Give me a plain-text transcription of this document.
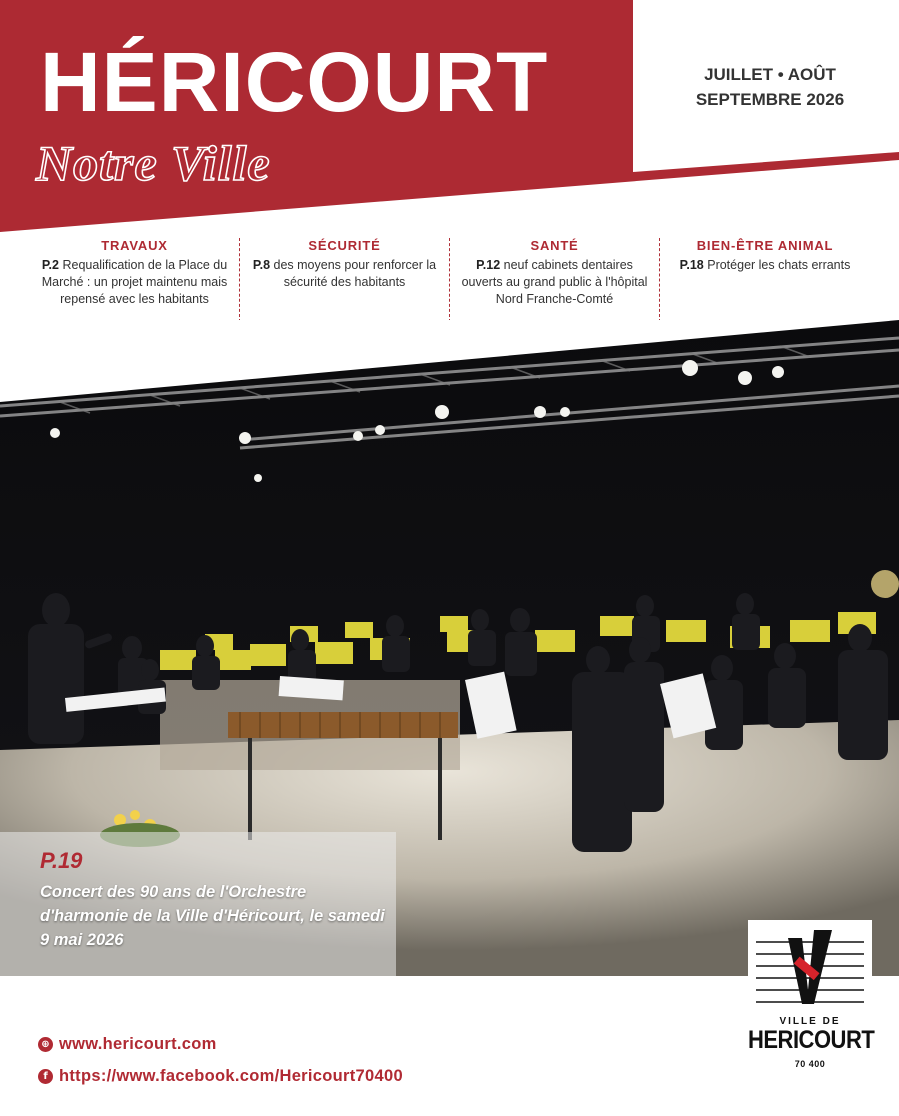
HÉRICOURT
Notre Ville
JUILLET • AOÛT
SEPTEMBRE 2026
TRAVAUX
P.2 Requalification de la Place du Marché : un projet maintenu mais repensé avec les habitants
SÉCURITÉ
P.8 des moyens pour renforcer la sécurité des habitants
SANTÉ
P.12 neuf cabinets dentaires ouverts au grand public à l'hôpital Nord Franche-Comté
BIEN-ÊTRE ANIMAL
P.18 Protéger les chats errants
P.19
Concert des 90 ans de l'Orchestre d'harmonie de la Ville d'Héricourt, le samedi 9 mai 2026
⊕ www.hericourt.com
f https://www.facebook.com/Hericourt70400
VILLE DE
HERICOURT
70 400
